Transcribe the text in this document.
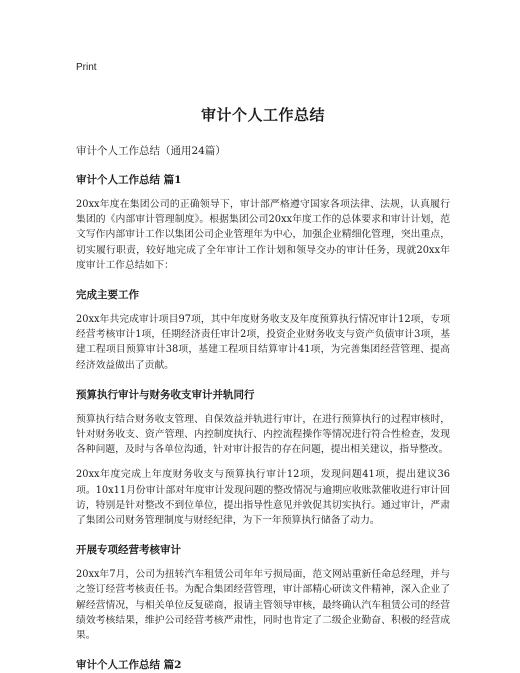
Print
审计个人工作总结
审计个人工作总结（通用24篇）
审计个人工作总结 篇1
20xx年度在集团公司的正确领导下，审计部严格遵守国家各项法律、法规，认真履行集团的《内部审计管理制度》。根据集团公司20xx年度工作的总体要求和审计计划，范文写作内部审计工作以集团公司企业管理年为中心，加强企业精细化管理，突出重点，切实履行职责，较好地完成了全年审计工作计划和领导交办的审计任务，现就20xx年度审计工作总结如下：
完成主要工作
20xx年共完成审计项目97项，其中年度财务收支及年度预算执行情况审计12项，专项经营考核审计1项，任期经济责任审计2项，投资企业财务收支与资产负债审计3项，基建工程项目预算审计38项，基建工程项目结算审计41项，为完善集团经营管理、提高经济效益做出了贡献。
预算执行审计与财务收支审计并轨同行
预算执行结合财务收支管理、自保效益并轨进行审计，在进行预算执行的过程审核时，针对财务收支、资产管理、内控制度执行、内控流程操作等情况进行符合性检查，发现各种问题，及时与各单位沟通，针对审计报告的存在问题，提出相关建议，指导整改。
20xx年度完成上年度财务收支与预算执行审计12项，发现问题41项，提出建议36项。10x11月份审计部对年度审计发现问题的整改情况与逾期应收账款催收进行审计回访，特别是针对整改不到位单位，提出指导性意见并敦促其切实执行。通过审计，严肃了集团公司财务管理制度与财经纪律，为下一年预算执行储备了动力。
开展专项经营考核审计
20xx年7月，公司为扭转汽车租赁公司年年亏损局面，范文网站重新任命总经理，并与之签订经营考核责任书。为配合集团经营管理，审计部精心研读文件精神，深入企业了解经营情况，与相关单位反复磋商，报请主管领导审核，最终确认汽车租赁公司的经营绩效考核结果，维护公司经营考核严肃性，同时也肯定了二级企业勤奋、积极的经营成果。
审计个人工作总结 篇2
